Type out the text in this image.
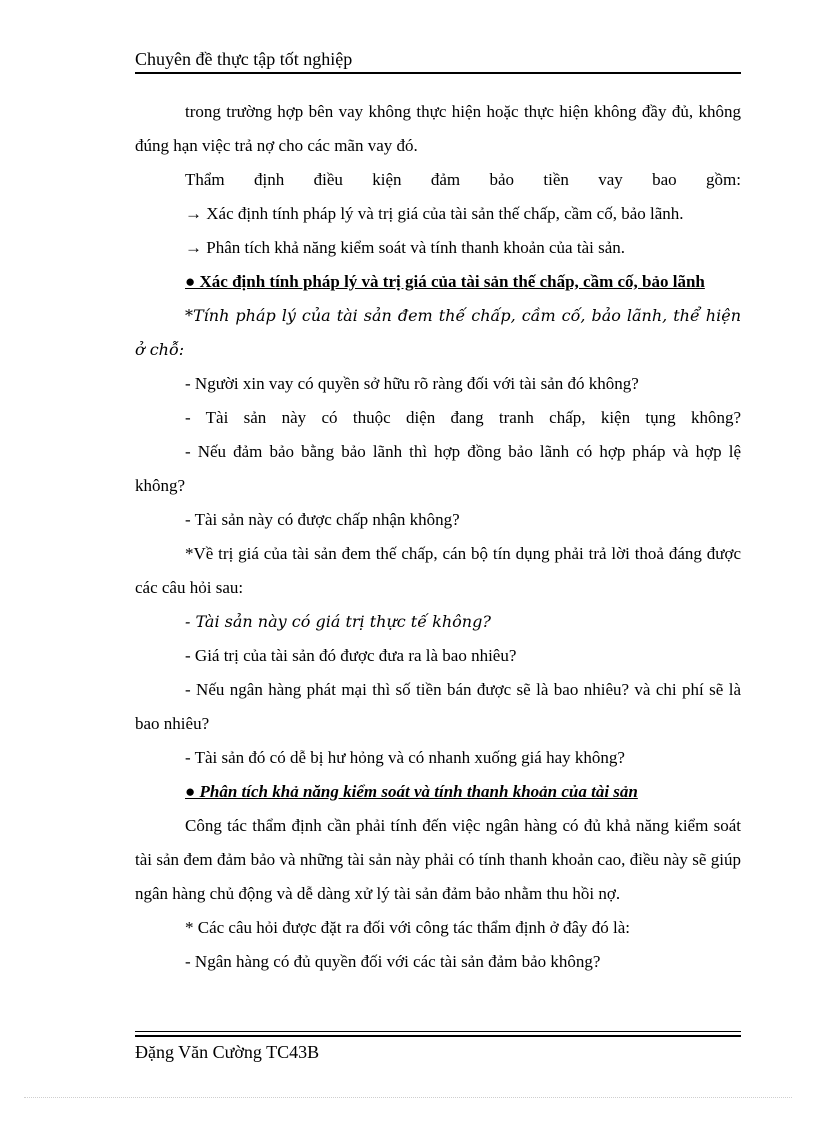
Chuyên đề thực tập tốt nghiệp

trong trường hợp bên vay không thực hiện hoặc thực hiện không đầy đủ, không đúng hạn việc trả nợ cho các mãn vay đó.

Thẩm định điều kiện đảm bảo tiền vay bao gồm:

→ Xác định tính pháp lý và trị giá của tài sản thế chấp, cầm cố, bảo lãnh.

→ Phân tích khả năng kiểm soát và tính thanh khoản của tài sản.

● Xác định tính pháp lý và trị giá của tài sản thế chấp, cầm cố, bảo lãnh

*Tính pháp lý của tài sản đem thế chấp, cầm cố, bảo lãnh, thể hiện ở chỗ:

- Người xin vay có quyền sở hữu rõ ràng đối với tài sản đó không?

- Tài sản này có thuộc diện đang tranh chấp, kiện tụng không?

- Nếu đảm bảo bằng bảo lãnh thì hợp đồng bảo lãnh có hợp pháp và hợp lệ không?

- Tài sản này có được chấp nhận không?

*Về trị giá của tài sản đem thế chấp, cán bộ tín dụng phải trả lời thoả đáng được các câu hỏi sau:

- Tài sản này có giá trị thực tế không?

- Giá trị của tài sản đó được đưa ra là bao nhiêu?

- Nếu ngân hàng phát mại thì số tiền bán được sẽ là bao nhiêu? và chi phí sẽ là bao nhiêu?

- Tài sản đó có dễ bị hư hỏng và có nhanh xuống giá hay không?

● Phân tích khả năng kiểm soát và tính thanh khoản của tài sản

Công tác thẩm định cần phải tính đến việc ngân hàng có đủ khả năng kiểm soát tài sản đem đảm bảo và những tài sản này phải có tính thanh khoản cao, điều này sẽ giúp ngân hàng chủ động và dễ dàng xử lý tài sản đảm bảo nhằm thu hồi nợ.

* Các câu hỏi được đặt ra đối với công tác thẩm định ở đây đó là:

- Ngân hàng có đủ quyền đối với các tài sản đảm bảo không?

Đặng Văn Cường TC43B
